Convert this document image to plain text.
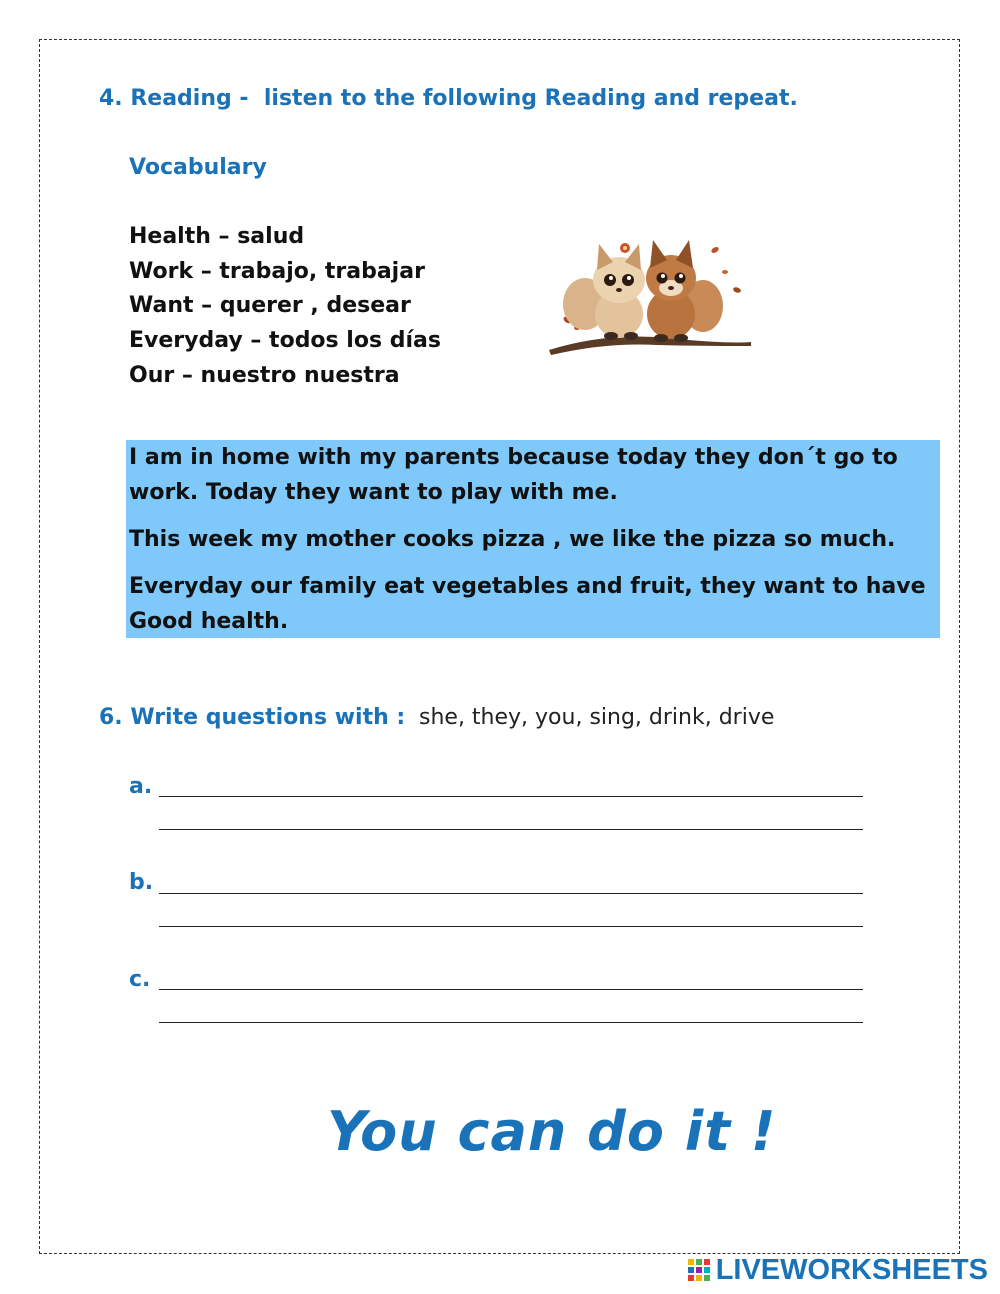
4. Reading - listen to the following Reading and repeat.
Vocabulary
Health – salud
Work – trabajo, trabajar
Want – querer , desear
Everyday – todos los días
Our – nuestro nuestra

I am in home with my parents because today they don´t go to
work. Today they want to play with me.

This week my mother cooks pizza , we like the pizza so much.

Everyday our family eat vegetables and fruit, they want to have
Good health.

6. Write questions with : she, they, you, sing, drink, drive
a.
b.
c.
You can do it !
LIVEWORKSHEETS
